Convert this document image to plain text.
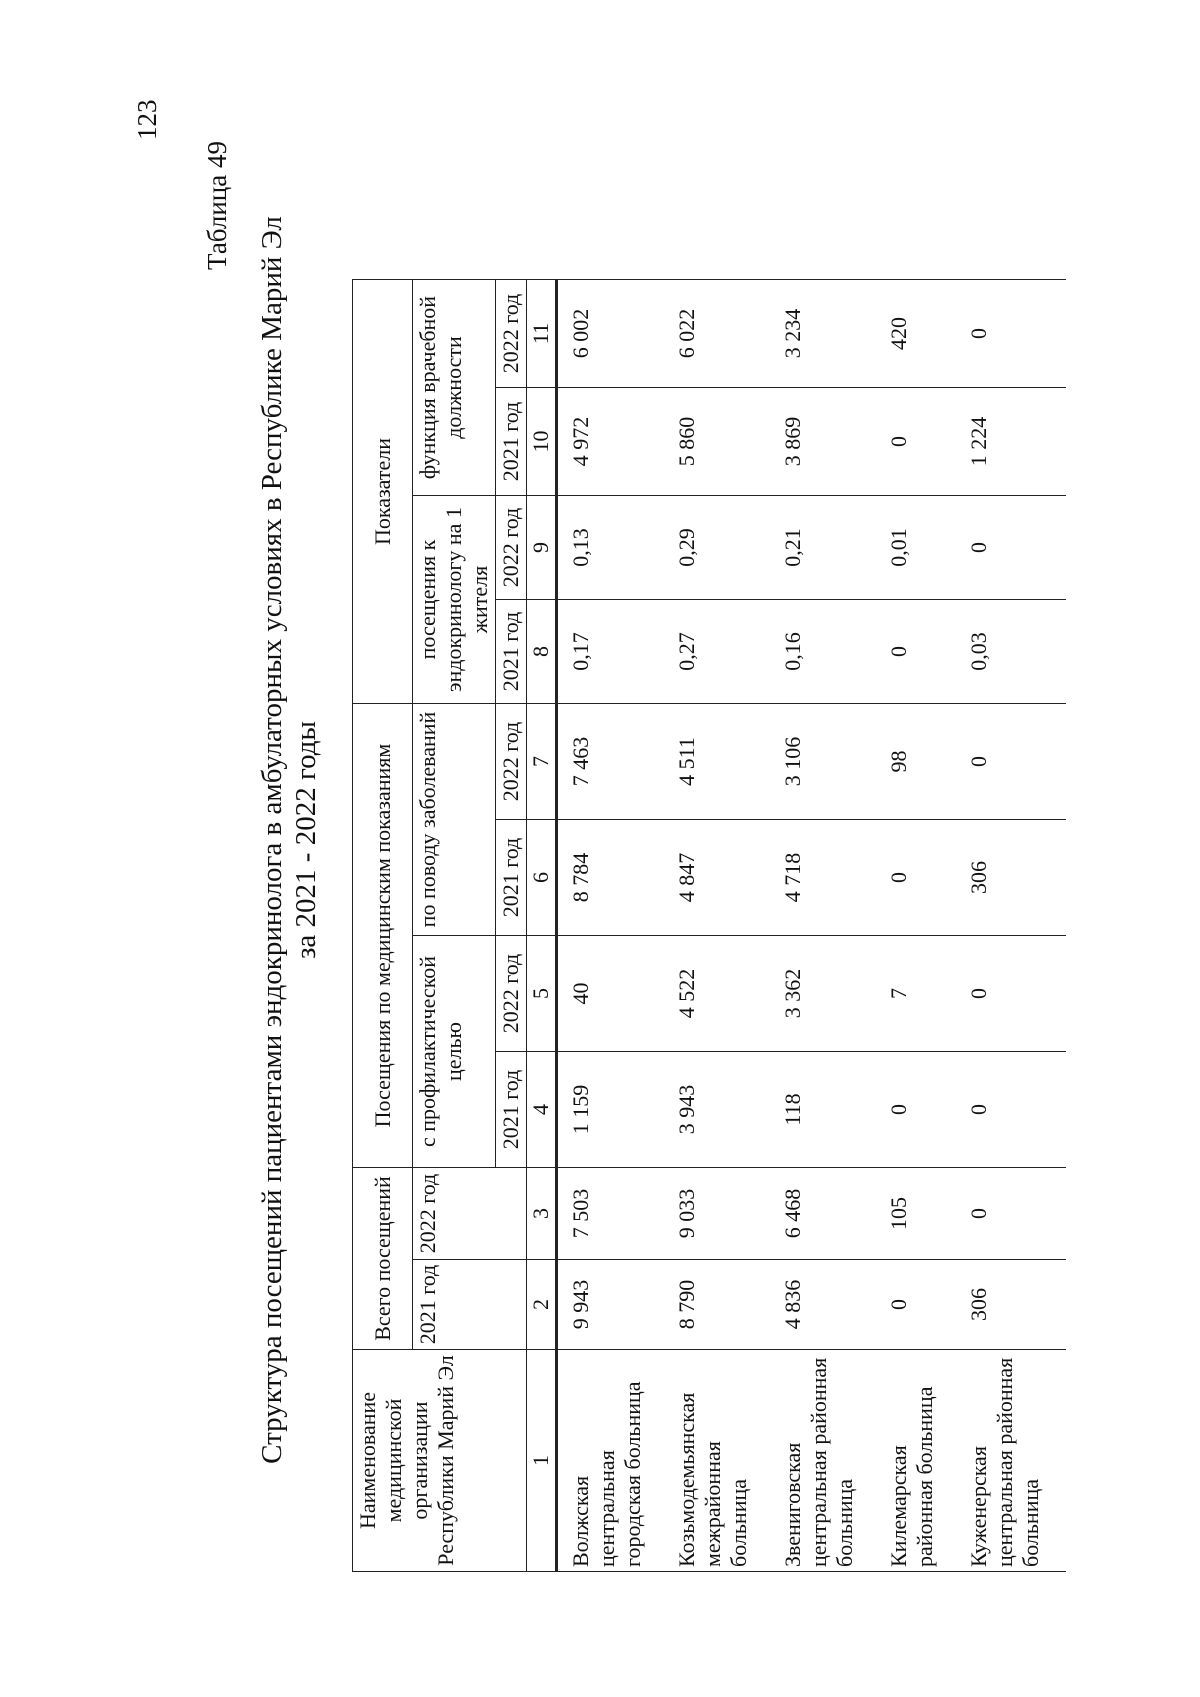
123
Таблица 49
Структура посещений пациентами эндокринолога в амбулаторных условиях в Республике Марий Эл за 2021 - 2022 годы
Наименование медицинской организации Республики Марий Эл	Всего посещений		Посещения по медицинским показаниям				Показатели			
	2021 год	2022 год	с профилактической целью		по поводу заболеваний		посещения к эндокринологу на 1 жителя		функция врачебной должности	
			2021 год	2022 год	2021 год	2022 год	2021 год	2022 год	2021 год	2022 год
1	2	3	4	5	6	7	8	9	10	11
Волжская центральная городская больница	9 943	7 503	1 159	40	8 784	7 463	0,17	0,13	4 972	6 002
Козьмодемьянская межрайонная больница	8 790	9 033	3 943	4 522	4 847	4 511	0,27	0,29	5 860	6 022
Звениговская центральная районная больница	4 836	6 468	118	3 362	4 718	3 106	0,16	0,21	3 869	3 234
Килемарская районная больница	0	105	0	7	0	98	0	0,01	0	420
Куженерская центральная районная больница	306	0	0	0	306	0	0,03	0	1 224	0
